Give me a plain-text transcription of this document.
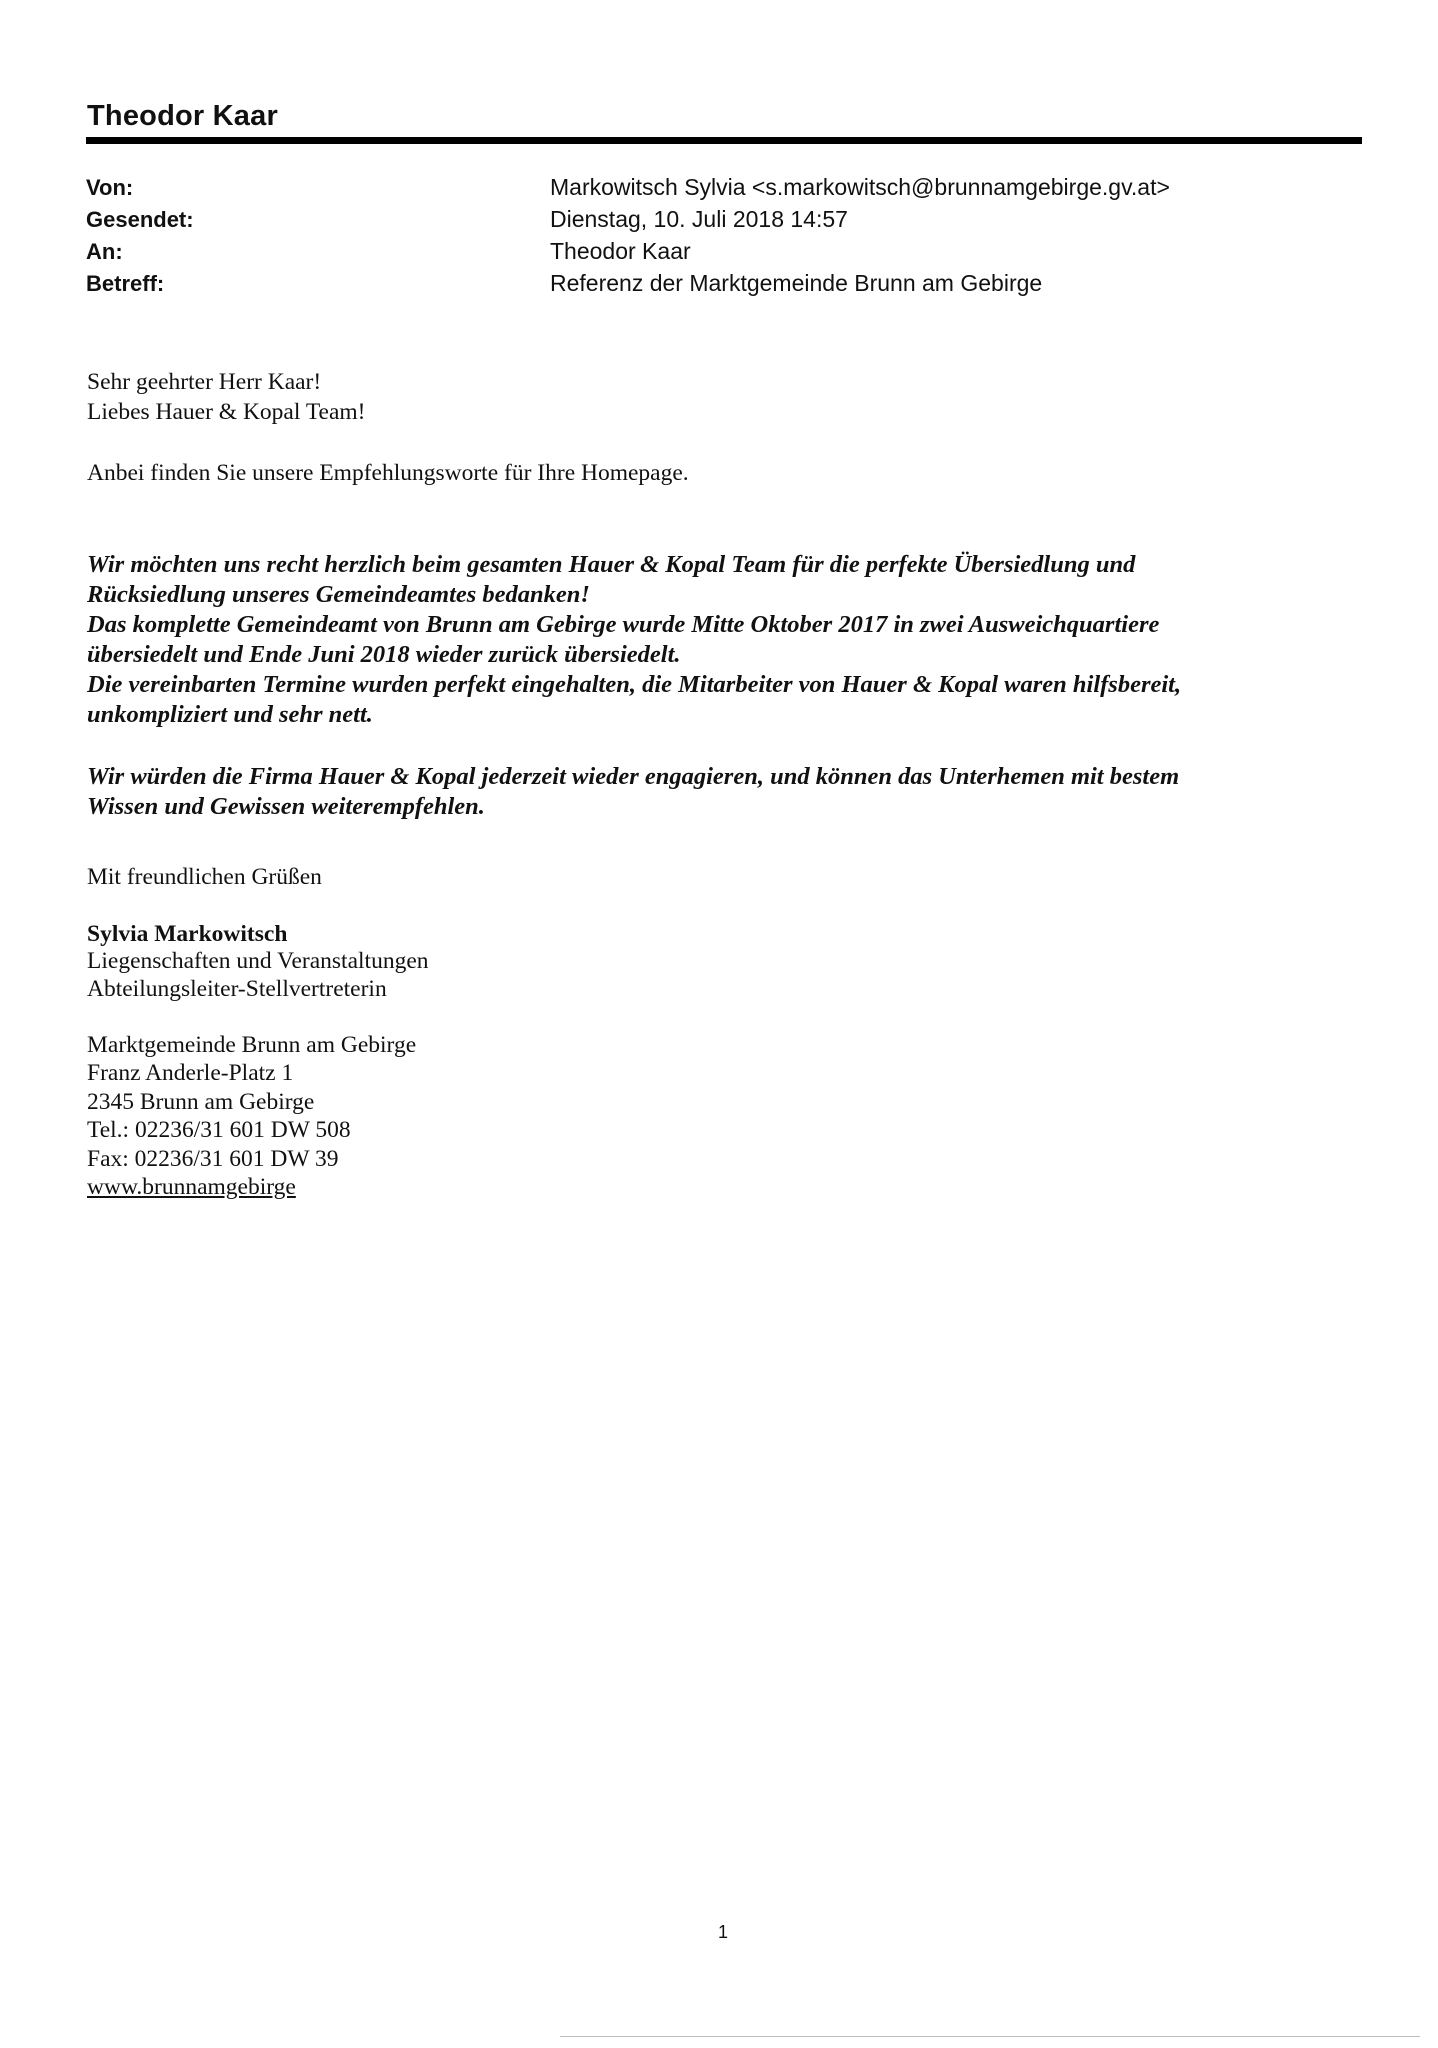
Theodor Kaar
Von:	Markowitsch Sylvia <s.markowitsch@brunnamgebirge.gv.at>
Gesendet:	Dienstag, 10. Juli 2018 14:57
An:	Theodor Kaar
Betreff:	Referenz der Marktgemeinde Brunn am Gebirge
Sehr geehrter Herr Kaar!
Liebes Hauer & Kopal Team!
Anbei finden Sie unsere Empfehlungsworte für Ihre Homepage.
Wir möchten uns recht herzlich beim gesamten Hauer & Kopal Team für die perfekte Übersiedlung und
Rücksiedlung unseres Gemeindeamtes bedanken!
Das komplette Gemeindeamt von Brunn am Gebirge wurde Mitte Oktober 2017 in zwei Ausweichquartiere
übersiedelt und Ende Juni 2018 wieder zurück übersiedelt.
Die vereinbarten Termine wurden perfekt eingehalten, die Mitarbeiter von Hauer & Kopal waren hilfsbereit,
unkompliziert und sehr nett.
Wir würden die Firma Hauer & Kopal jederzeit wieder engagieren, und können das Unterhemen mit bestem
Wissen und Gewissen weiterempfehlen.
Mit freundlichen Grüßen
Sylvia Markowitsch
Liegenschaften und Veranstaltungen
Abteilungsleiter-Stellvertreterin
Marktgemeinde Brunn am Gebirge
Franz Anderle-Platz 1
2345 Brunn am Gebirge
Tel.: 02236/31 601 DW 508
Fax: 02236/31 601 DW 39
www.brunnamgebirge
1
